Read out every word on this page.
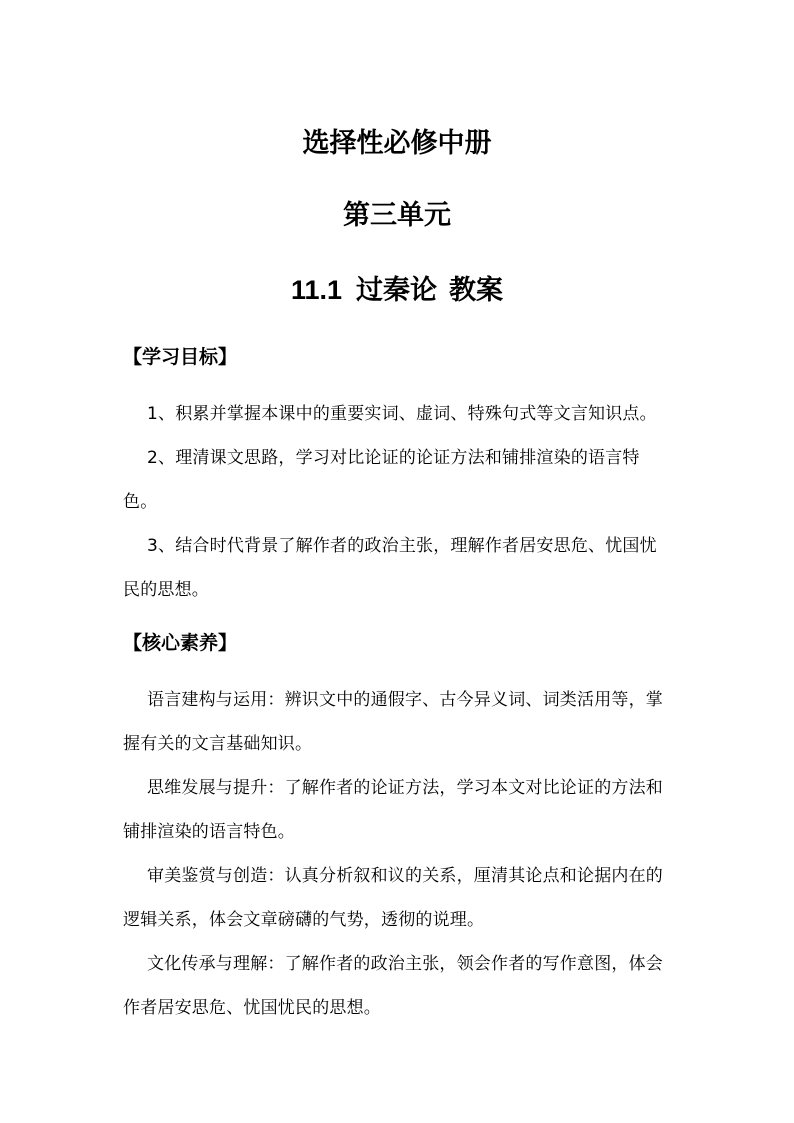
选择性必修中册
第三单元
11.1 过秦论 教案
【学习目标】
1、积累并掌握本课中的重要实词、虚词、特殊句式等文言知识点。
2、理清课文思路，学习对比论证的论证方法和铺排渲染的语言特色。
3、结合时代背景了解作者的政治主张，理解作者居安思危、忧国忧民的思想。
【核心素养】
语言建构与运用：辨识文中的通假字、古今异义词、词类活用等，掌握有关的文言基础知识。
思维发展与提升：了解作者的论证方法，学习本文对比论证的方法和铺排渲染的语言特色。
审美鉴赏与创造：认真分析叙和议的关系，厘清其论点和论据内在的逻辑关系，体会文章磅礴的气势，透彻的说理。
文化传承与理解：了解作者的政治主张，领会作者的写作意图，体会作者居安思危、忧国忧民的思想。
